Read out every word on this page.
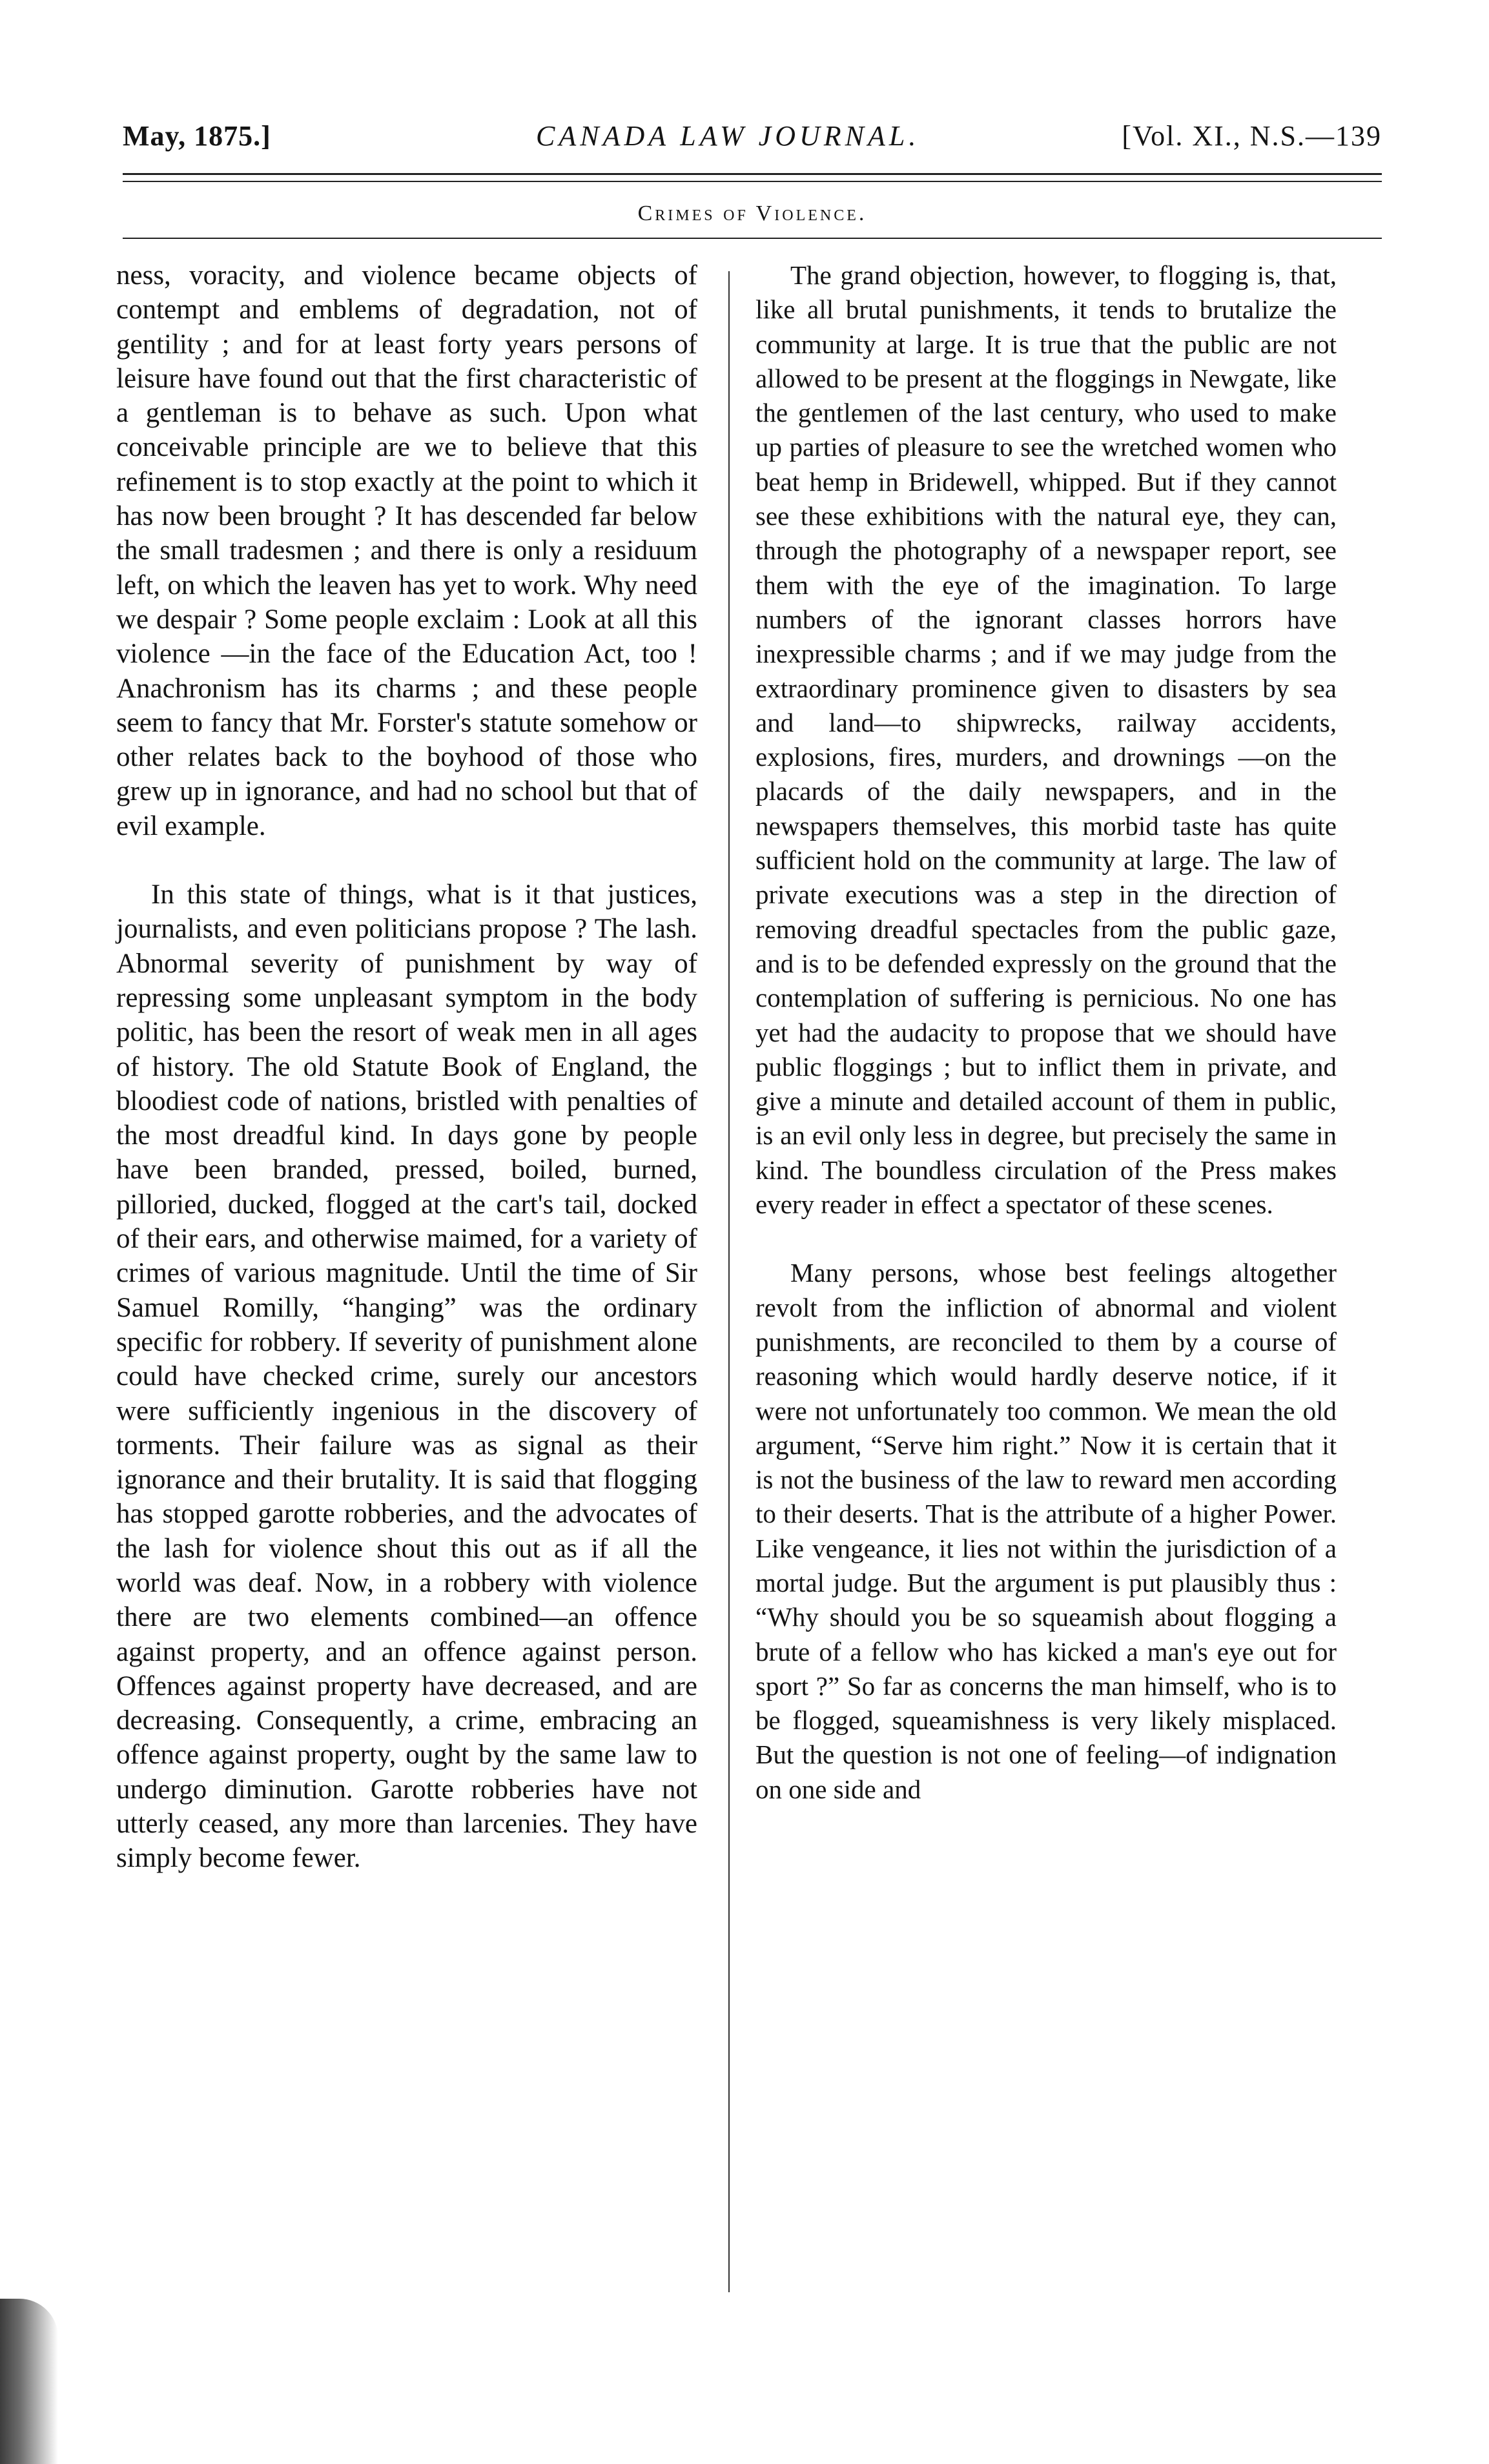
May, 1875.]	CANADA LAW JOURNAL.	[Vol. XI., N.S.—139
Crimes of Violence.

ness, voracity, and violence became objects of contempt and emblems of degradation, not of gentility ; and for at least forty years persons of leisure have found out that the first characteristic of a gentleman is to behave as such. Upon what conceivable principle are we to believe that this refinement is to stop exactly at the point to which it has now been brought ? It has descended far below the small tradesmen ; and there is only a residuum left, on which the leaven has yet to work. Why need we despair ? Some people exclaim : Look at all this violence —in the face of the Education Act, too ! Anachronism has its charms ; and these people seem to fancy that Mr. Forster's statute somehow or other relates back to the boyhood of those who grew up in ignorance, and had no school but that of evil example.

In this state of things, what is it that justices, journalists, and even politicians propose ? The lash. Abnormal severity of punishment by way of repressing some unpleasant symptom in the body politic, has been the resort of weak men in all ages of history. The old Statute Book of England, the bloodiest code of nations, bristled with penalties of the most dreadful kind. In days gone by people have been branded, pressed, boiled, burned, pilloried, ducked, flogged at the cart's tail, docked of their ears, and otherwise maimed, for a variety of crimes of various magnitude. Until the time of Sir Samuel Romilly, “hanging” was the ordinary specific for robbery. If severity of punishment alone could have checked crime, surely our ancestors were sufficiently ingenious in the discovery of torments. Their failure was as signal as their ignorance and their brutality. It is said that flogging has stopped garotte robberies, and the advocates of the lash for violence shout this out as if all the world was deaf. Now, in a robbery with violence there are two elements combined—an offence against property, and an offence against person. Offences against property have decreased, and are decreasing. Consequently, a crime, embracing an offence against property, ought by the same law to undergo diminution. Garotte robberies have not utterly ceased, any more than larcenies. They have simply become fewer.

The grand objection, however, to flogging is, that, like all brutal punishments, it tends to brutalize the community at large. It is true that the public are not allowed to be present at the floggings in Newgate, like the gentlemen of the last century, who used to make up parties of pleasure to see the wretched women who beat hemp in Bridewell, whipped. But if they cannot see these exhibitions with the natural eye, they can, through the photography of a newspaper report, see them with the eye of the imagination. To large numbers of the ignorant classes horrors have inexpressible charms ; and if we may judge from the extraordinary prominence given to disasters by sea and land—to shipwrecks, railway accidents, explosions, fires, murders, and drownings —on the placards of the daily newspapers, and in the newspapers themselves, this morbid taste has quite sufficient hold on the community at large. The law of private executions was a step in the direction of removing dreadful spectacles from the public gaze, and is to be defended expressly on the ground that the contemplation of suffering is pernicious. No one has yet had the audacity to propose that we should have public floggings ; but to inflict them in private, and give a minute and detailed account of them in public, is an evil only less in degree, but precisely the same in kind. The boundless circulation of the Press makes every reader in effect a spectator of these scenes.

Many persons, whose best feelings altogether revolt from the infliction of abnormal and violent punishments, are reconciled to them by a course of reasoning which would hardly deserve notice, if it were not unfortunately too common. We mean the old argument, “Serve him right.” Now it is certain that it is not the business of the law to reward men according to their deserts. That is the attribute of a higher Power. Like vengeance, it lies not within the jurisdiction of a mortal judge. But the argument is put plausibly thus : “Why should you be so squeamish about flogging a brute of a fellow who has kicked a man's eye out for sport ?” So far as concerns the man himself, who is to be flogged, squeamishness is very likely misplaced. But the question is not one of feeling—of indignation on one side and
